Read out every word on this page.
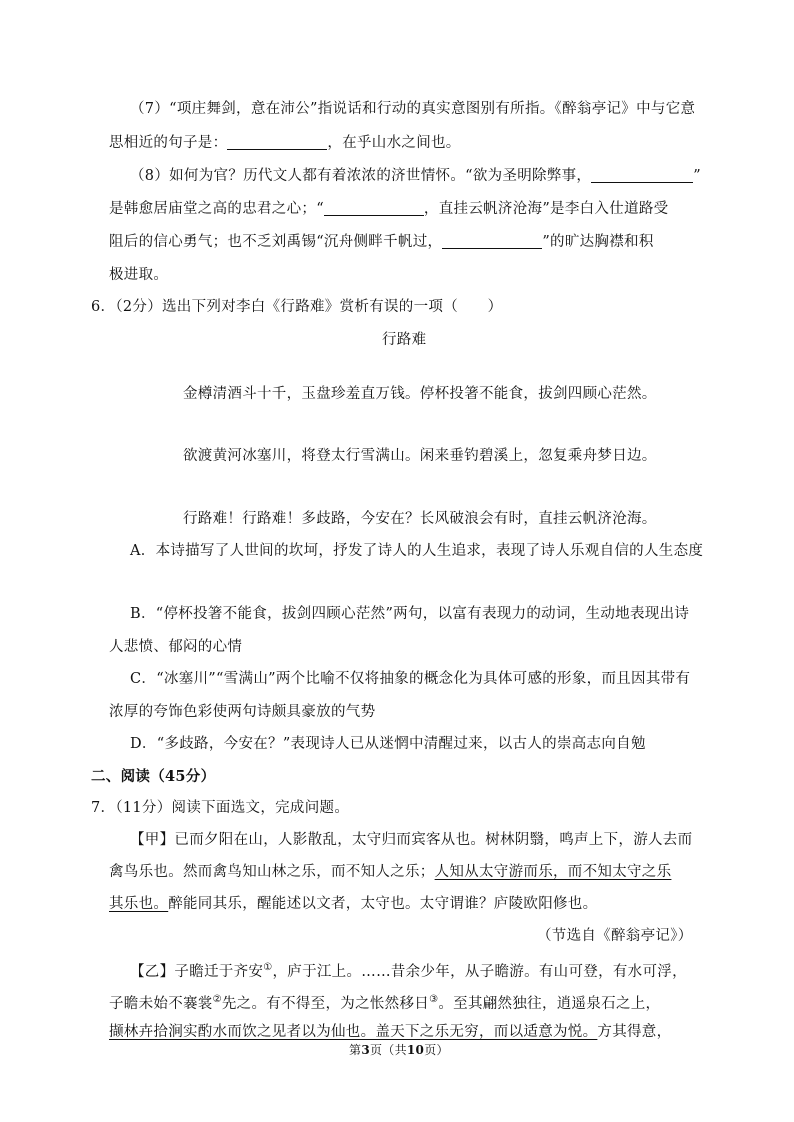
（7）“项庄舞剑，意在沛公”指说话和行动的真实意图别有所指。《醉翁亭记》中与它意
思相近的句子是：	，在乎山水之间也。
（8）如何为官？历代文人都有着浓浓的济世情怀。“欲为圣明除弊事，	”
是韩愈居庙堂之高的忠君之心；“	，直挂云帆济沧海”是李白入仕道路受
阻后的信心勇气；也不乏刘禹锡“沉舟侧畔千帆过，	”的旷达胸襟和积
极进取。
6．（2分）选出下列对李白《行路难》赏析有误的一项（　　）
行路难
金樽清酒斗十千，玉盘珍羞直万钱。停杯投箸不能食，拔剑四顾心茫然。
欲渡黄河冰塞川，将登太行雪满山。闲来垂钓碧溪上，忽复乘舟梦日边。
行路难！行路难！多歧路，今安在？长风破浪会有时，直挂云帆济沧海。
A．本诗描写了人世间的坎坷，抒发了诗人的人生追求，表现了诗人乐观自信的人生态度
B．“停杯投箸不能食，拔剑四顾心茫然”两句，以富有表现力的动词，生动地表现出诗
人悲愤、郁闷的心情
C．“冰塞川”“雪满山”两个比喻不仅将抽象的概念化为具体可感的形象，而且因其带有
浓厚的夸饰色彩使两句诗颇具豪放的气势
D．“多歧路，今安在？”表现诗人已从迷惘中清醒过来，以古人的崇高志向自勉
二、阅读（45分）
7．（11分）阅读下面选文，完成问题。
【甲】已而夕阳在山，人影散乱，太守归而宾客从也。树林阴翳，鸣声上下，游人去而
禽鸟乐也。然而禽鸟知山林之乐，而不知人之乐；人知从太守游而乐，而不知太守之乐
其乐也。醉能同其乐，醒能述以文者，太守也。太守谓谁？庐陵欧阳修也。
（节选自《醉翁亭记》）
【乙】子瞻迁于齐安①，庐于江上。……昔余少年，从子瞻游。有山可登，有水可浮，
子瞻未始不褰裳②先之。有不得至，为之怅然移日③。至其翩然独往，逍遥泉石之上，
撷林卉拾涧实酌水而饮之见者以为仙也。盖天下之乐无穷，而以适意为悦。方其得意，
第3页（共10页）
